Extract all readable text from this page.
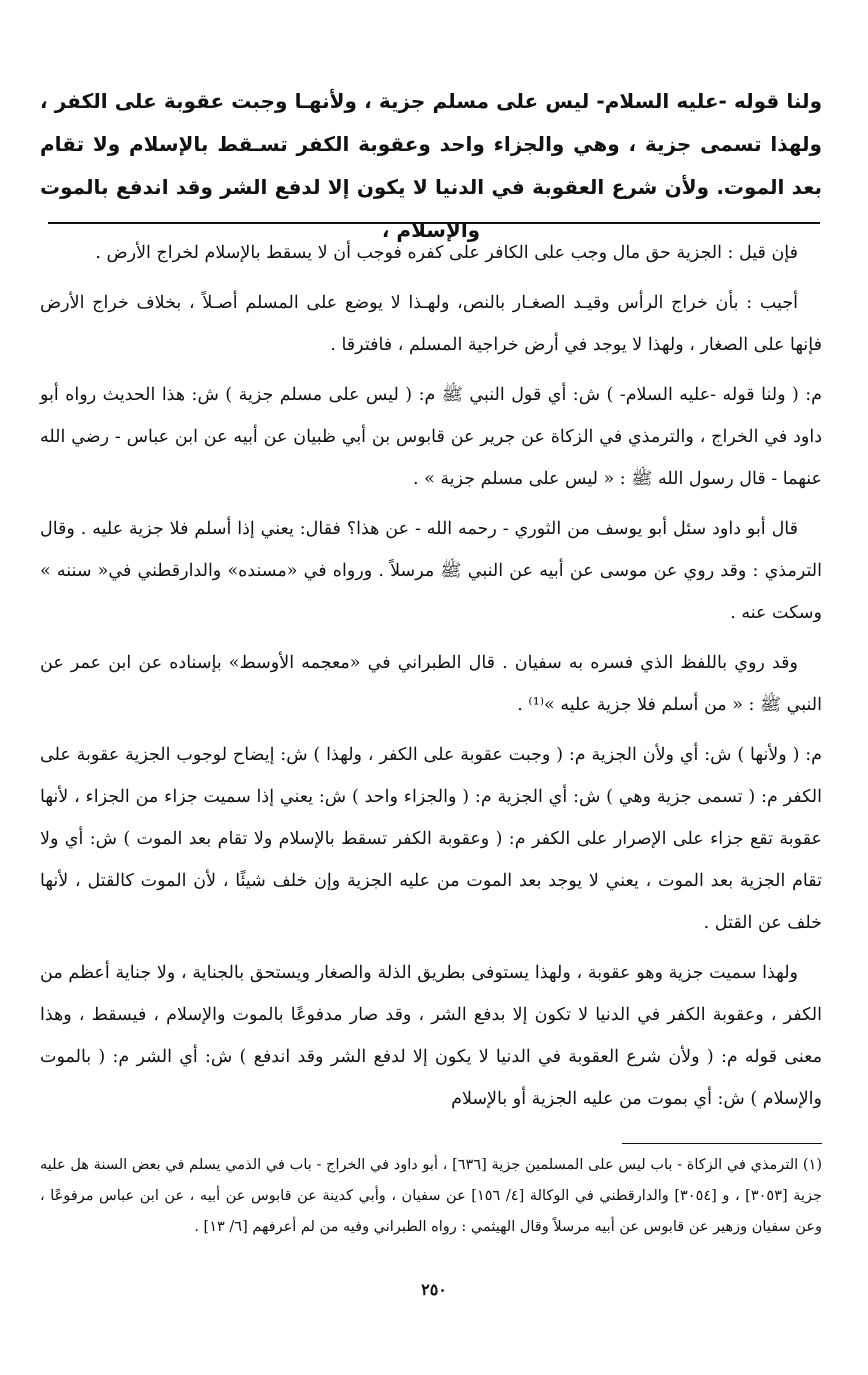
ولنا قوله -عليه السلام- ليس على مسلم جزية ، ولأنهـا وجبت عقوبة على الكفر ، ولهذا تسمى جزية ، وهي والجزاء واحد وعقوبة الكفر تسـقط بالإسلام ولا تقام بعد الموت. ولأن شرع العقوبة في الدنيا لا يكون إلا لدفع الشر وقد اندفع بالموت والإسلام ،

فإن قيل : الجزية حق مال وجب على الكافر على كفره فوجب أن لا يسقط بالإسلام لخراج الأرض .

أجيب : بأن خراج الرأس وقيـد الصغـار بالنص، ولهـذا لا يوضع على المسلم أصـلاً ، بخلاف خراج الأرض فإنها على الصغار ، ولهذا لا يوجد في أرض خراجية المسلم ، فافترقا .

م: ( ولنا قوله -عليه السلام- ) ش: أي قول النبي ﷺ م: ( ليس على مسلم جزية ) ش: هذا الحديث رواه أبو داود في الخراج ، والترمذي في الزكاة عن جرير عن قابوس بن أبي ظبيان عن أبيه عن ابن عباس - رضي الله عنهما - قال رسول الله ﷺ : « ليس على مسلم جزية » .

قال أبو داود سئل أبو يوسف من الثوري - رحمه الله - عن هذا؟ فقال: يعني إذا أسلم فلا جزية عليه . وقال الترمذي : وقد روي عن موسى عن أبيه عن النبي ﷺ مرسلاً . ورواه في «مسنده» والدارقطني في« سننه » وسكت عنه .

وقد روي باللفظ الذي فسره به سفيان . قال الطبراني في «معجمه الأوسط» بإسناده عن ابن عمر عن النبي ﷺ : « من أسلم فلا جزية عليه »⁽¹⁾ .

م: ( ولأنها ) ش: أي ولأن الجزية م: ( وجبت عقوبة على الكفر ، ولهذا ) ش: إيضاح لوجوب الجزية عقوبة على الكفر م: ( تسمى جزية وهي ) ش: أي الجزية م: ( والجزاء واحد ) ش: يعني إذا سميت جزاء من الجزاء ، لأنها عقوبة تقع جزاء على الإصرار على الكفر م: ( وعقوبة الكفر تسقط بالإسلام ولا تقام بعد الموت ) ش: أي ولا تقام الجزية بعد الموت ، يعني لا يوجد بعد الموت من عليه الجزية وإن خلف شيئًا ، لأن الموت كالقتل ، لأنها خلف عن القتل .

ولهذا سميت جزية وهو عقوبة ، ولهذا يستوفى بطريق الذلة والصغار ويستحق بالجناية ، ولا جناية أعظم من الكفر ، وعقوبة الكفر في الدنيا لا تكون إلا بدفع الشر ، وقد صار مدفوعًا بالموت والإسلام ، فيسقط ، وهذا معنى قوله م: ( ولأن شرع العقوبة في الدنيا لا يكون إلا لدفع الشر وقد اندفع ) ش: أي الشر م: ( بالموت والإسلام ) ش: أي بموت من عليه الجزية أو بالإسلام

(١) الترمذي في الزكاة - باب ليس على المسلمين جزية [٦٣٦] ، أبو داود في الخراج - باب في الذمي يسلم في بعض السنة هل عليه جزية [٣٠٥٣] ، و [٣٠٥٤] والدارقطني في الوكالة [٤/ ١٥٦] عن سفيان ، وأبي كدينة عن قابوس عن أبيه ، عن ابن عباس مرفوعًا ، وعن سفيان وزهير عن قابوس عن أبيه مرسلاً وقال الهيثمي : رواه الطبراني وفيه من لم أعرفهم [٦/ ١٣] .

٢٥٠
